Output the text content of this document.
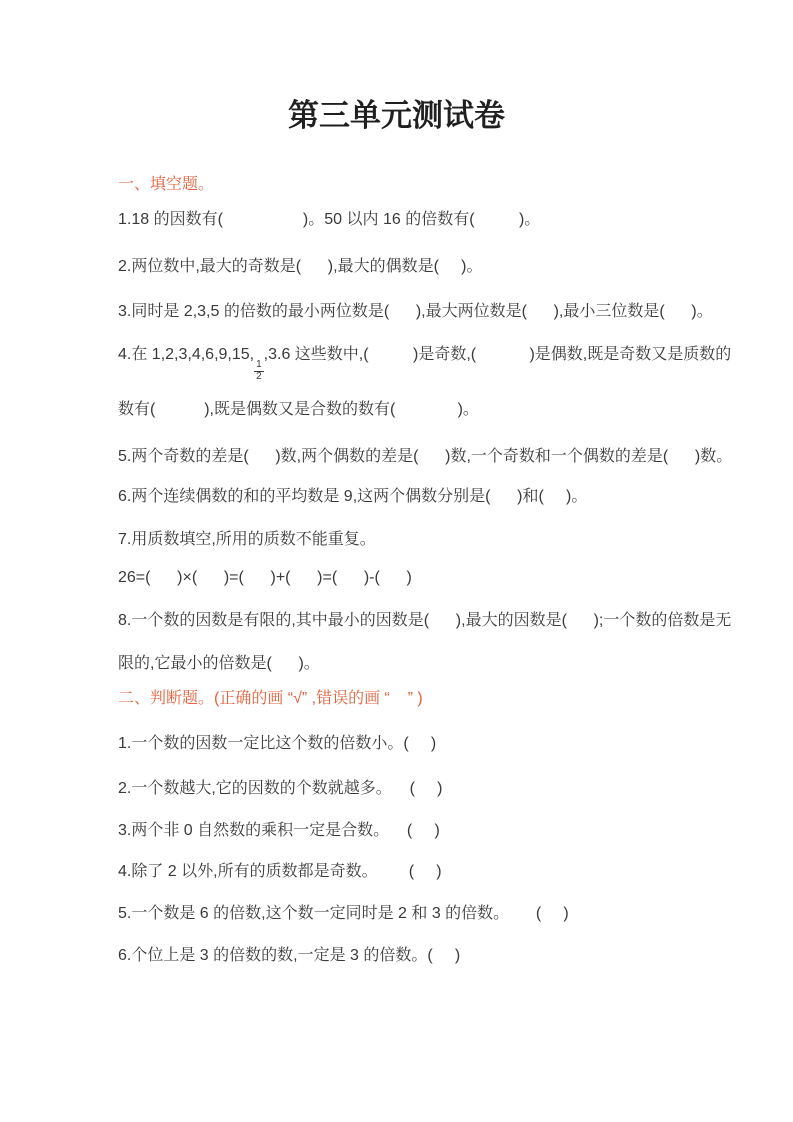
第三单元测试卷
一、填空题。
1.18 的因数有(                  )。50 以内 16 的倍数有(          )。
2.两位数中,最大的奇数是(      ),最大的偶数是(     )。
3.同时是 2,3,5 的倍数的最小两位数是(      ),最大两位数是(      ),最小三位数是(      )。
4.在 1,2,3,4,6,9,15,
$\frac{1}{2}$
,3.6 这些数中,(          )是奇数,(            )是偶数,既是奇数又是质数的
数有(           ),既是偶数又是合数的数有(              )。
5.两个奇数的差是(      )数,两个偶数的差是(      )数,一个奇数和一个偶数的差是(      )数。
6.两个连续偶数的和的平均数是 9,这两个偶数分别是(      )和(     )。
7.用质数填空,所用的质数不能重复。
26=(      )×(      )=(      )+(      )=(      )-(      )
8.一个数的因数是有限的,其中最小的因数是(      ),最大的因数是(      );一个数的倍数是无
限的,它最小的倍数是(      )。
二、判断题。(正确的画 “√” ,错误的画 “    ” )
1.一个数的因数一定比这个数的倍数小。(     )
2.一个数越大,它的因数的个数就越多。    (     )
3.两个非 0 自然数的乘积一定是合数。    (     )
4.除了 2 以外,所有的质数都是奇数。       (     )
5.一个数是 6 的倍数,这个数一定同时是 2 和 3 的倍数。      (     )
6.个位上是 3 的倍数的数,一定是 3 的倍数。(     )
